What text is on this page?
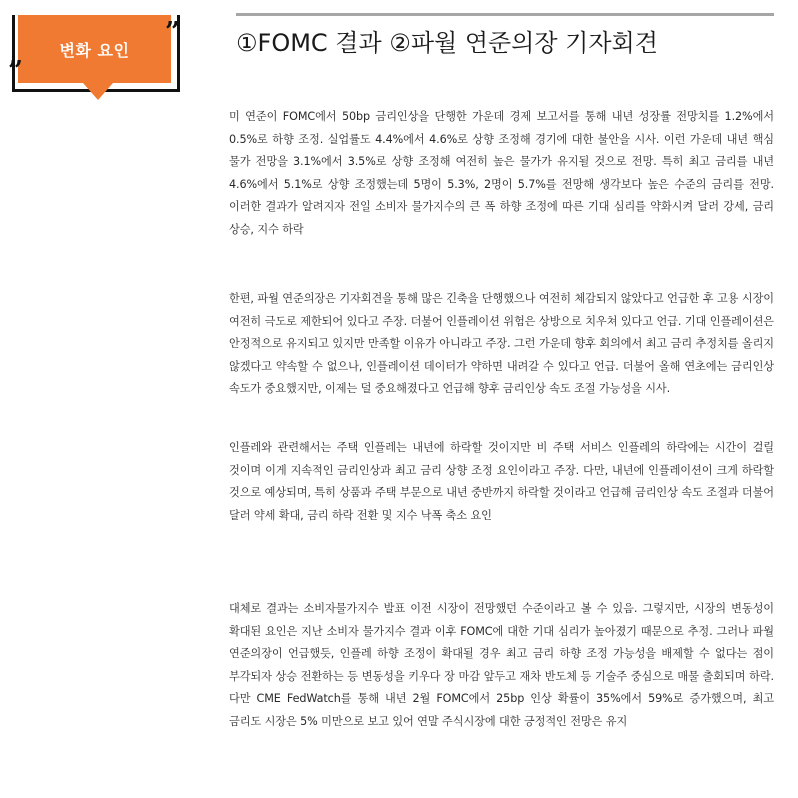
변화 요인
”
”
①FOMC 결과 ②파월 연준의장 기자회견

미 연준이 FOMC에서 50bp 금리인상을 단행한 가운데 경제 보고서를 통해 내년 성장률 전망치를 1.2%에서 0.5%로 하향 조정. 실업률도 4.4%에서 4.6%로 상향 조정해 경기에 대한 불안을 시사. 이런 가운데 내년 핵심 물가 전망을 3.1%에서 3.5%로 상향 조정해 여전히 높은 물가가 유지될 것으로 전망. 특히 최고 금리를 내년 4.6%에서 5.1%로 상향 조정했는데 5명이 5.3%, 2명이 5.7%를 전망해 생각보다 높은 수준의 금리를 전망. 이러한 결과가 알려지자 전일 소비자 물가지수의 큰 폭 하향 조정에 따른 기대 심리를 약화시켜 달러 강세, 금리 상승, 지수 하락

한편, 파월 연준의장은 기자회견을 통해 많은 긴축을 단행했으나 여전히 체감되지 않았다고 언급한 후 고용 시장이 여전히 극도로 제한되어 있다고 주장. 더불어 인플레이션 위험은 상방으로 치우쳐 있다고 언급. 기대 인플레이션은 안정적으로 유지되고 있지만 만족할 이유가 아니라고 주장. 그런 가운데 향후 회의에서 최고 금리 추정치를 올리지 않겠다고 약속할 수 없으나, 인플레이션 데이터가 약하면 내려갈 수 있다고 언급. 더불어 올해 연초에는 금리인상 속도가 중요했지만, 이제는 덜 중요해졌다고 언급해 향후 금리인상 속도 조절 가능성을 시사.

인플레와 관련해서는 주택 인플레는 내년에 하락할 것이지만 비 주택 서비스 인플레의 하락에는 시간이 걸릴 것이며 이게 지속적인 금리인상과 최고 금리 상향 조정 요인이라고 주장. 다만, 내년에 인플레이션이 크게 하락할 것으로 예상되며, 특히 상품과 주택 부문으로 내년 중반까지 하락할 것이라고 언급해 금리인상 속도 조절과 더불어 달러 약세 확대, 금리 하락 전환 및 지수 낙폭 축소 요인

대체로 결과는 소비자물가지수 발표 이전 시장이 전망했던 수준이라고 볼 수 있음. 그렇지만, 시장의 변동성이 확대된 요인은 지난 소비자 물가지수 결과 이후 FOMC에 대한 기대 심리가 높아졌기 때문으로 추정. 그러나 파월 연준의장이 언급했듯, 인플레 하향 조정이 확대될 경우 최고 금리 하향 조정 가능성을 배제할 수 없다는 점이 부각되자 상승 전환하는 등 변동성을 키우다 장 마감 앞두고 재차 반도체 등 기술주 중심으로 매물 출회되며 하락. 다만 CME FedWatch를 통해 내년 2월 FOMC에서 25bp 인상 확률이 35%에서 59%로 증가했으며, 최고 금리도 시장은 5% 미만으로 보고 있어 연말 주식시장에 대한 긍정적인 전망은 유지
